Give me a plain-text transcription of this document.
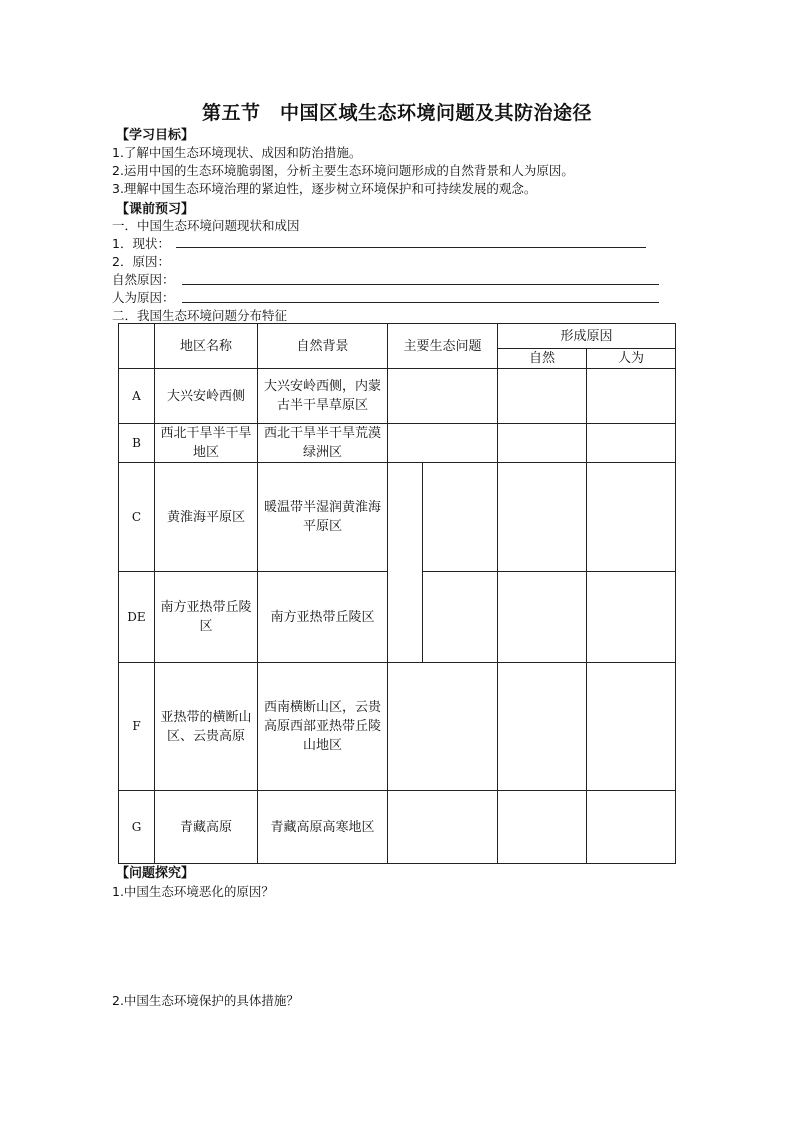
第五节　中国区域生态环境问题及其防治途径
【学习目标】
1.了解中国生态环境现状、成因和防治措施。
2.运用中国的生态环境脆弱图，分析主要生态环境问题形成的自然背景和人为原因。
3.理解中国生态环境治理的紧迫性，逐步树立环境保护和可持续发展的观念。
【课前预习】
一．中国生态环境问题现状和成因
1．现状：
2．原因：
自然原因：
人为原因：
二．我国生态环境问题分布特征
	地区名称	自然背景	主要生态问题		形成原因	
					自然	人为
A	大兴安岭西侧	大兴安岭西侧，内蒙古半干旱草原区				
B	西北干旱半干旱地区	西北干旱半干旱荒漠绿洲区				
C	黄淮海平原区	暖温带半湿润黄淮海平原区				
DE	南方亚热带丘陵区	南方亚热带丘陵区				
F	亚热带的横断山区、云贵高原	西南横断山区，云贵高原西部亚热带丘陵山地区				
G	青藏高原	青藏高原高寒地区				
【问题探究】
1.中国生态环境恶化的原因？
2.中国生态环境保护的具体措施？
